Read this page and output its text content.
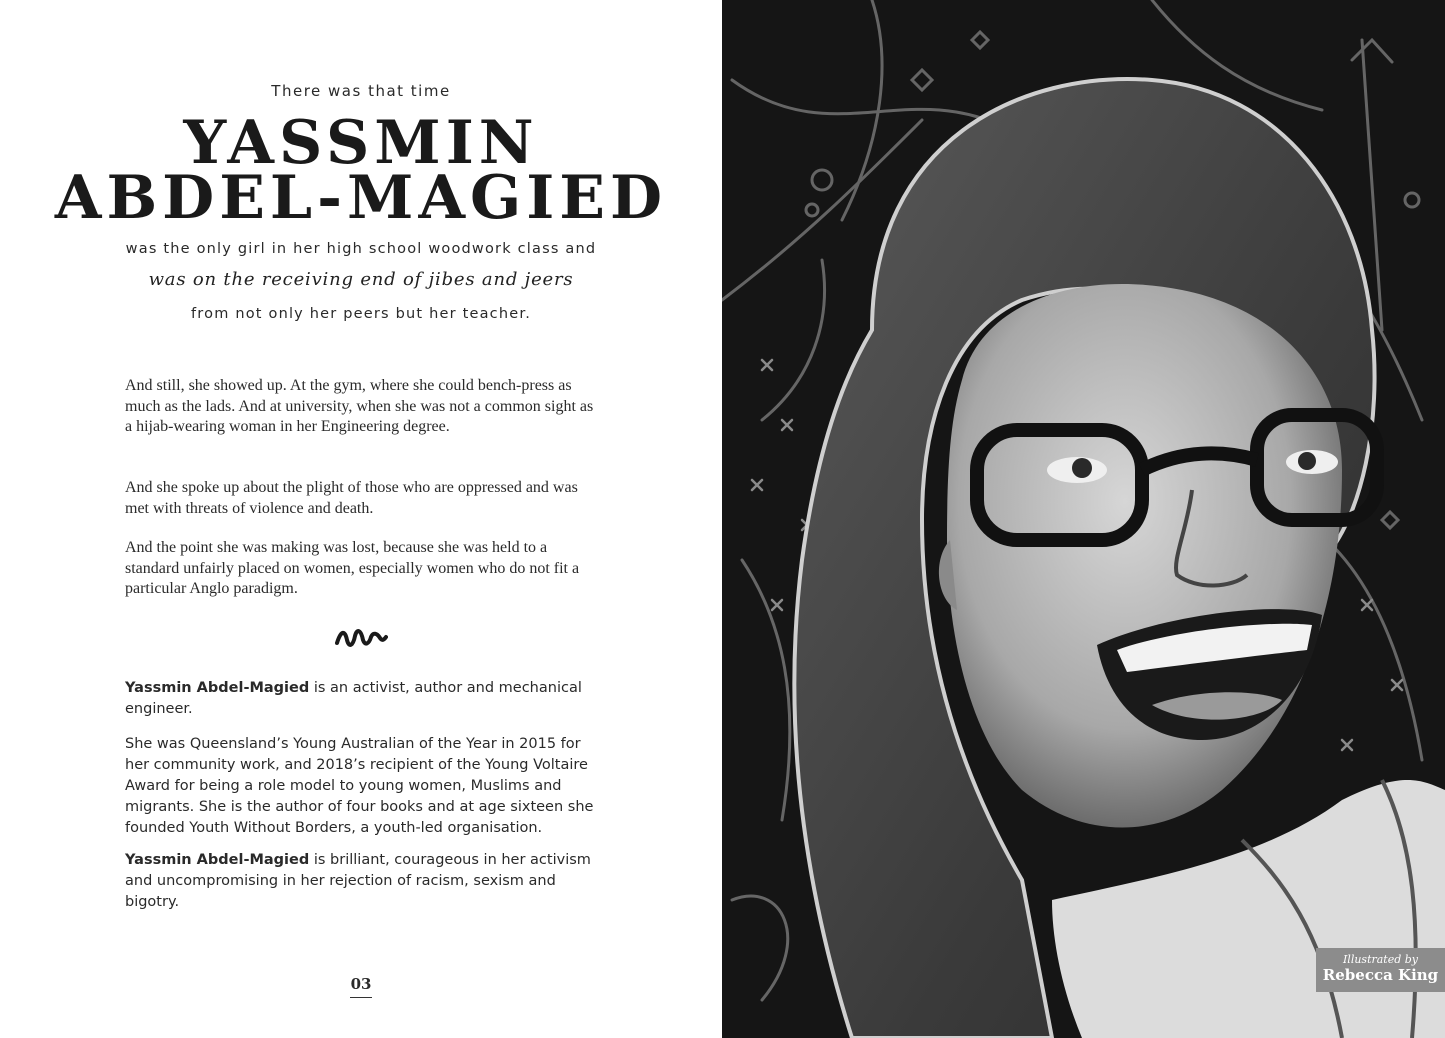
There was that time
YASSMIN
ABDEL-MAGIED
was the only girl in her high school woodwork class and
was on the receiving end of jibes and jeers
from not only her peers but her teacher.

And still, she showed up. At the gym, where she could bench-press as much as the lads. And at university, when she was not a common sight as a hijab-wearing woman in her Engineering degree.

And she spoke up about the plight of those who are oppressed and was met with threats of violence and death.

And the point she was making was lost, because she was held to a standard unfairly placed on women, especially women who do not fit a particular Anglo paradigm.

Yassmin Abdel-Magied is an activist, author and mechanical engineer.

She was Queensland’s Young Australian of the Year in 2015 for her community work, and 2018’s recipient of the Young Voltaire Award for being a role model to young women, Muslims and migrants. She is the author of four books and at age sixteen she founded Youth Without Borders, a youth-led organisation.

Yassmin Abdel-Magied is brilliant, courageous in her activism and uncompromising in her rejection of racism, sexism and bigotry.

03
Illustrated by
Rebecca King
